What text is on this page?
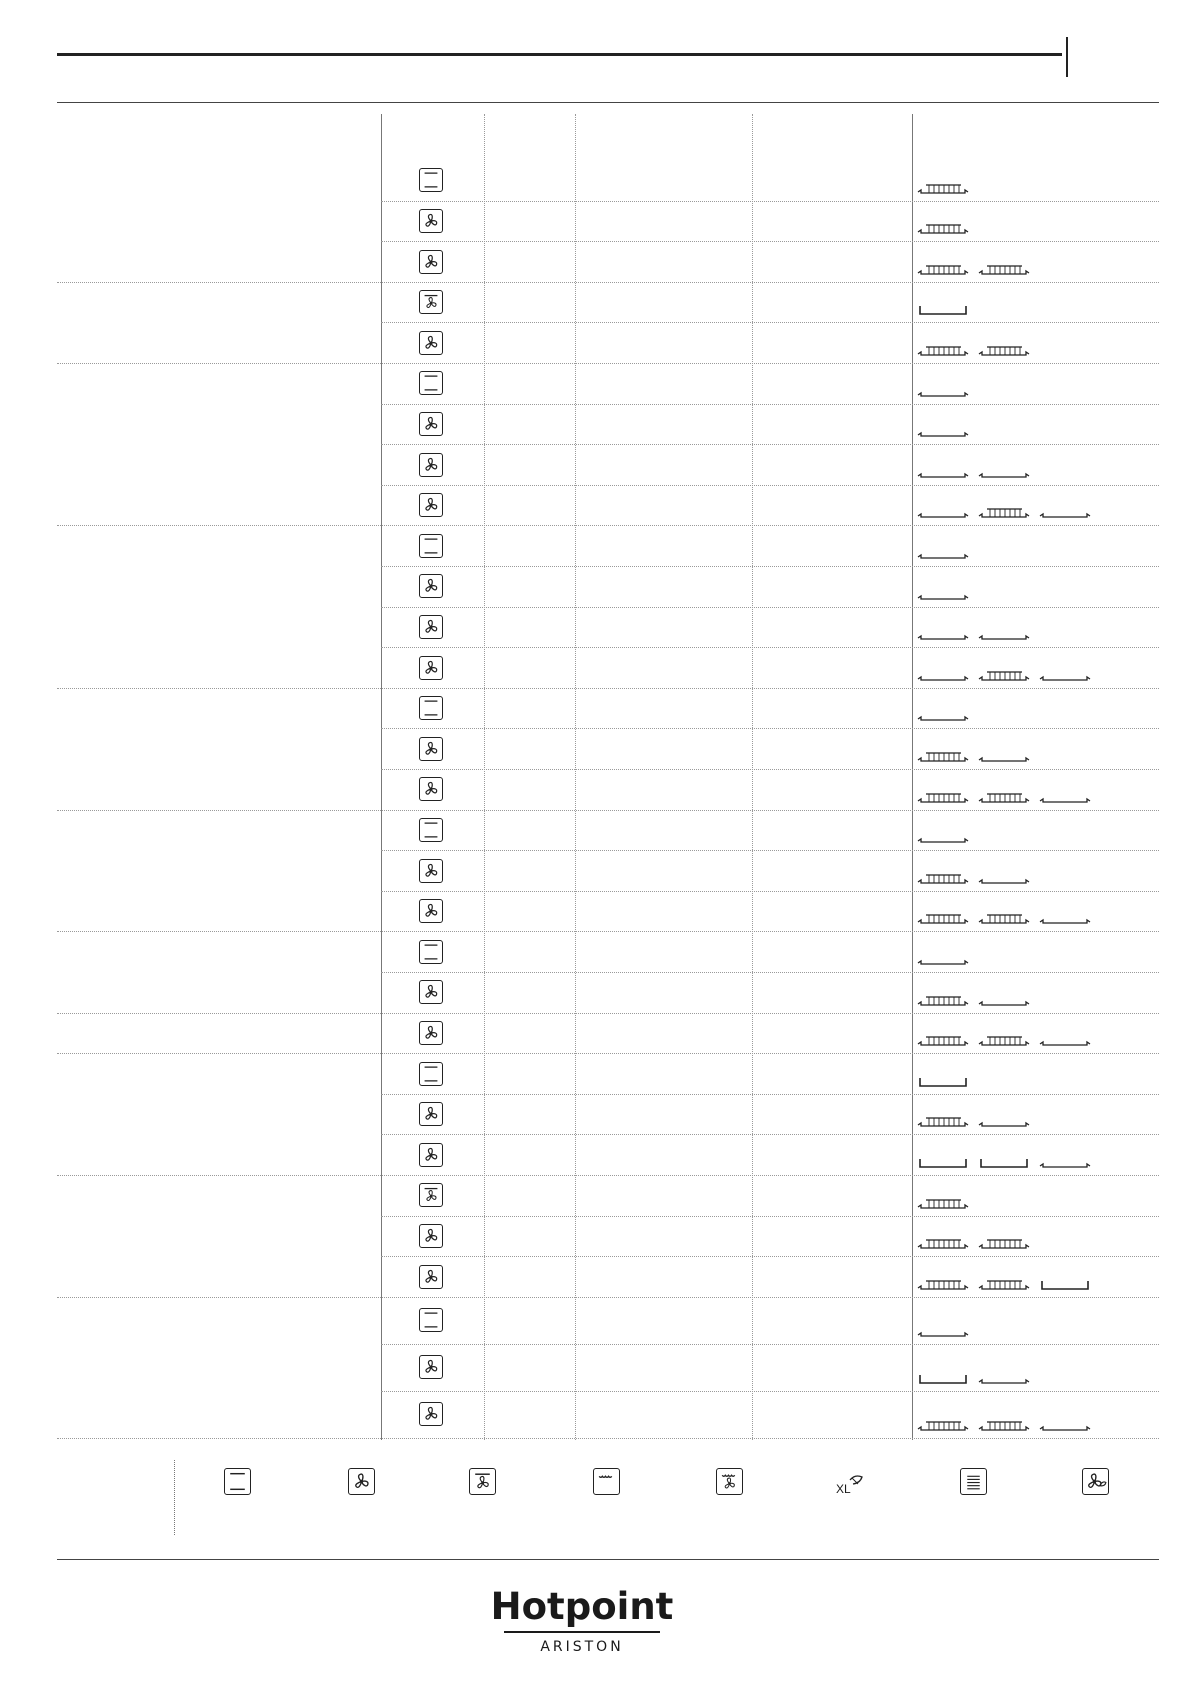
XL
Hotpoint
ARISTON
